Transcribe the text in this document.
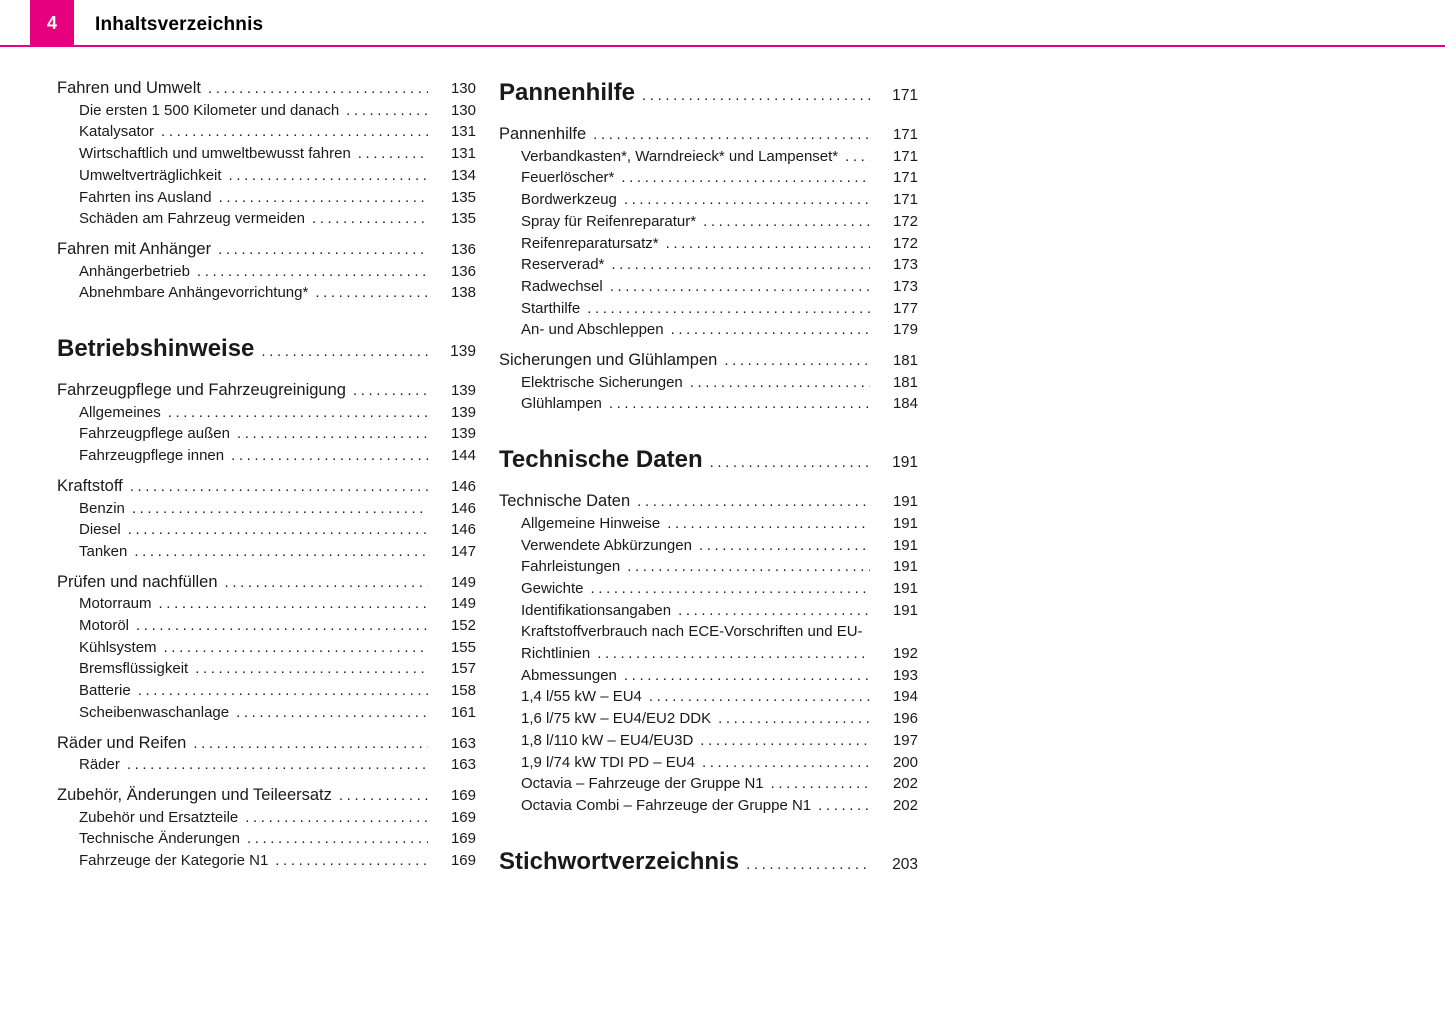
4 Inhaltsverzeichnis
Fahren und Umwelt .....	130
Die ersten 1 500 Kilometer und danach .....	130
Katalysator .....	131
Wirtschaftlich und umweltbewusst fahren .....	131
Umweltverträglichkeit .....	134
Fahrten ins Ausland .....	135
Schäden am Fahrzeug vermeiden .....	135
Fahren mit Anhänger .....	136
Anhängerbetrieb .....	136
Abnehmbare Anhängevorrichtung* .....	138
Betriebshinweise .....	139
Fahrzeugpflege und Fahrzeugreinigung .....	139
Allgemeines .....	139
Fahrzeugpflege außen .....	139
Fahrzeugpflege innen .....	144
Kraftstoff .....	146
Benzin .....	146
Diesel .....	146
Tanken .....	147
Prüfen und nachfüllen .....	149
Motorraum .....	149
Motoröl .....	152
Kühlsystem .....	155
Bremsflüssigkeit .....	157
Batterie .....	158
Scheibenwaschanlage .....	161
Räder und Reifen .....	163
Räder .....	163
Zubehör, Änderungen und Teileersatz .....	169
Zubehör und Ersatzteile .....	169
Technische Änderungen .....	169
Fahrzeuge der Kategorie N1 .....	169
Pannenhilfe .....	171
Pannenhilfe .....	171
Verbandkasten*, Warndreieck* und Lampenset* .....	171
Feuerlöscher* .....	171
Bordwerkzeug .....	171
Spray für Reifenreparatur* .....	172
Reifenreparatursatz* .....	172
Reserverad* .....	173
Radwechsel .....	173
Starthilfe .....	177
An- und Abschleppen .....	179
Sicherungen und Glühlampen .....	181
Elektrische Sicherungen .....	181
Glühlampen .....	184
Technische Daten .....	191
Technische Daten .....	191
Allgemeine Hinweise .....	191
Verwendete Abkürzungen .....	191
Fahrleistungen .....	191
Gewichte .....	191
Identifikationsangaben .....	191
Kraftstoffverbrauch nach ECE-Vorschriften und EU-
Richtlinien .....	192
Abmessungen .....	193
1,4 l/55 kW – EU4 .....	194
1,6 l/75 kW – EU4/EU2 DDK .....	196
1,8 l/110 kW – EU4/EU3D .....	197
1,9 l/74 kW TDI PD – EU4 .....	200
Octavia – Fahrzeuge der Gruppe N1 .....	202
Octavia Combi – Fahrzeuge der Gruppe N1 .....	202
Stichwortverzeichnis .....	203
